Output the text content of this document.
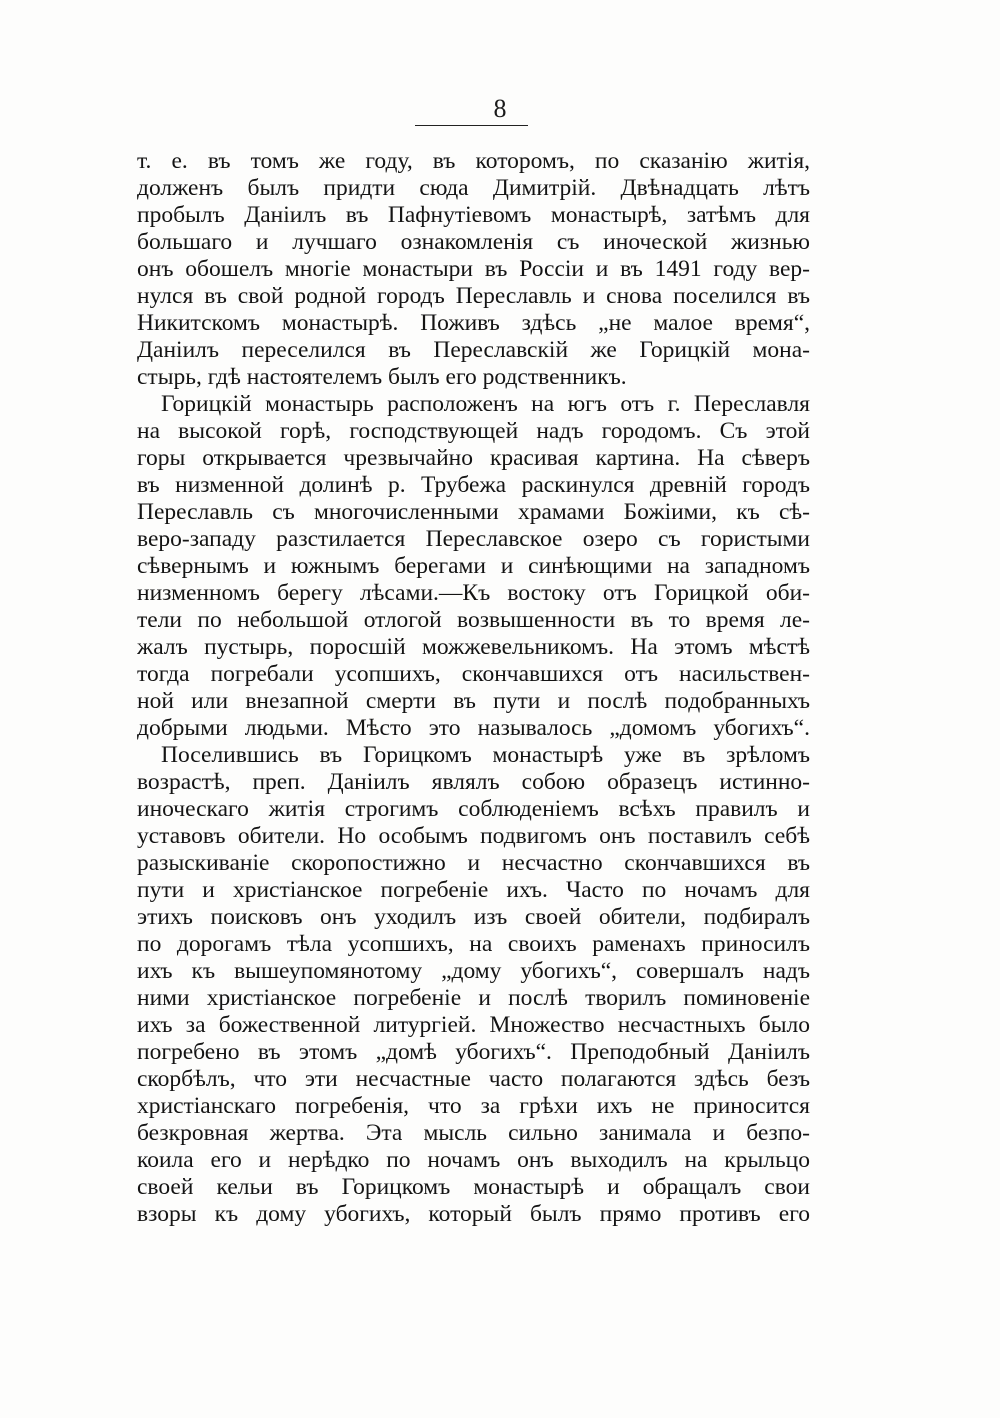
8
т. е. въ томъ же году, въ которомъ, по сказанію житія,
долженъ былъ придти сюда Димитрій. Двѣнадцать лѣтъ
пробылъ Даніилъ въ Пафнутіевомъ монастырѣ, затѣмъ для
большаго и лучшаго ознакомленія съ иноческой жизнью
онъ обошелъ многіе монастыри въ Россіи и въ 1491 году вер-
нулся въ свой родной городъ Переславль и снова поселился въ
Никитскомъ монастырѣ. Поживъ здѣсь „не малое время“,
Даніилъ переселился въ Переславскій же Горицкій мона-
стырь, гдѣ настоятелемъ былъ его родственникъ.
Горицкій монастырь расположенъ на югъ отъ г. Переславля
на высокой горѣ, господствующей надъ городомъ. Съ этой
горы открывается чрезвычайно красивая картина. На сѣверъ
въ низменной долинѣ р. Трубежа раскинулся древній городъ
Переславль съ многочисленными храмами Божіими, къ сѣ-
веро-западу разстилается Переславское озеро съ гористыми
сѣвернымъ и южнымъ берегами и синѣющими на западномъ
низменномъ берегу лѣсами.—Къ востоку отъ Горицкой оби-
тели по небольшой отлогой возвышенности въ то время ле-
жалъ пустырь, поросшій можжевельникомъ. На этомъ мѣстѣ
тогда погребали усопшихъ, скончавшихся отъ насильствен-
ной или внезапной смерти въ пути и послѣ подобранныхъ
добрыми людьми. Мѣсто это называлось „домомъ убогихъ“.
Поселившись въ Горицкомъ монастырѣ уже въ зрѣломъ
возрастѣ, преп. Даніилъ являлъ собою образецъ истинно-
иноческаго житія строгимъ соблюденіемъ всѣхъ правилъ и
уставовъ обители. Но особымъ подвигомъ онъ поставилъ себѣ
разыскиваніе скоропостижно и несчастно скончавшихся въ
пути и христіанское погребеніе ихъ. Часто по ночамъ для
этихъ поисковъ онъ уходилъ изъ своей обители, подбиралъ
по дорогамъ тѣла усопшихъ, на своихъ раменахъ приносилъ
ихъ къ вышеупомянотому „дому убогихъ“, совершалъ надъ
ними христіанское погребеніе и послѣ творилъ поминовеніе
ихъ за божественной литургіей. Множество несчастныхъ было
погребено въ этомъ „домѣ убогихъ“. Преподобный Даніилъ
скорбѣлъ, что эти несчастные часто полагаются здѣсь безъ
христіанскаго погребенія, что за грѣхи ихъ не приносится
безкровная жертва. Эта мысль сильно занимала и безпо-
коила его и нерѣдко по ночамъ онъ выходилъ на крыльцо
своей кельи въ Горицкомъ монастырѣ и обращалъ свои
взоры къ дому убогихъ, который былъ прямо противъ его
